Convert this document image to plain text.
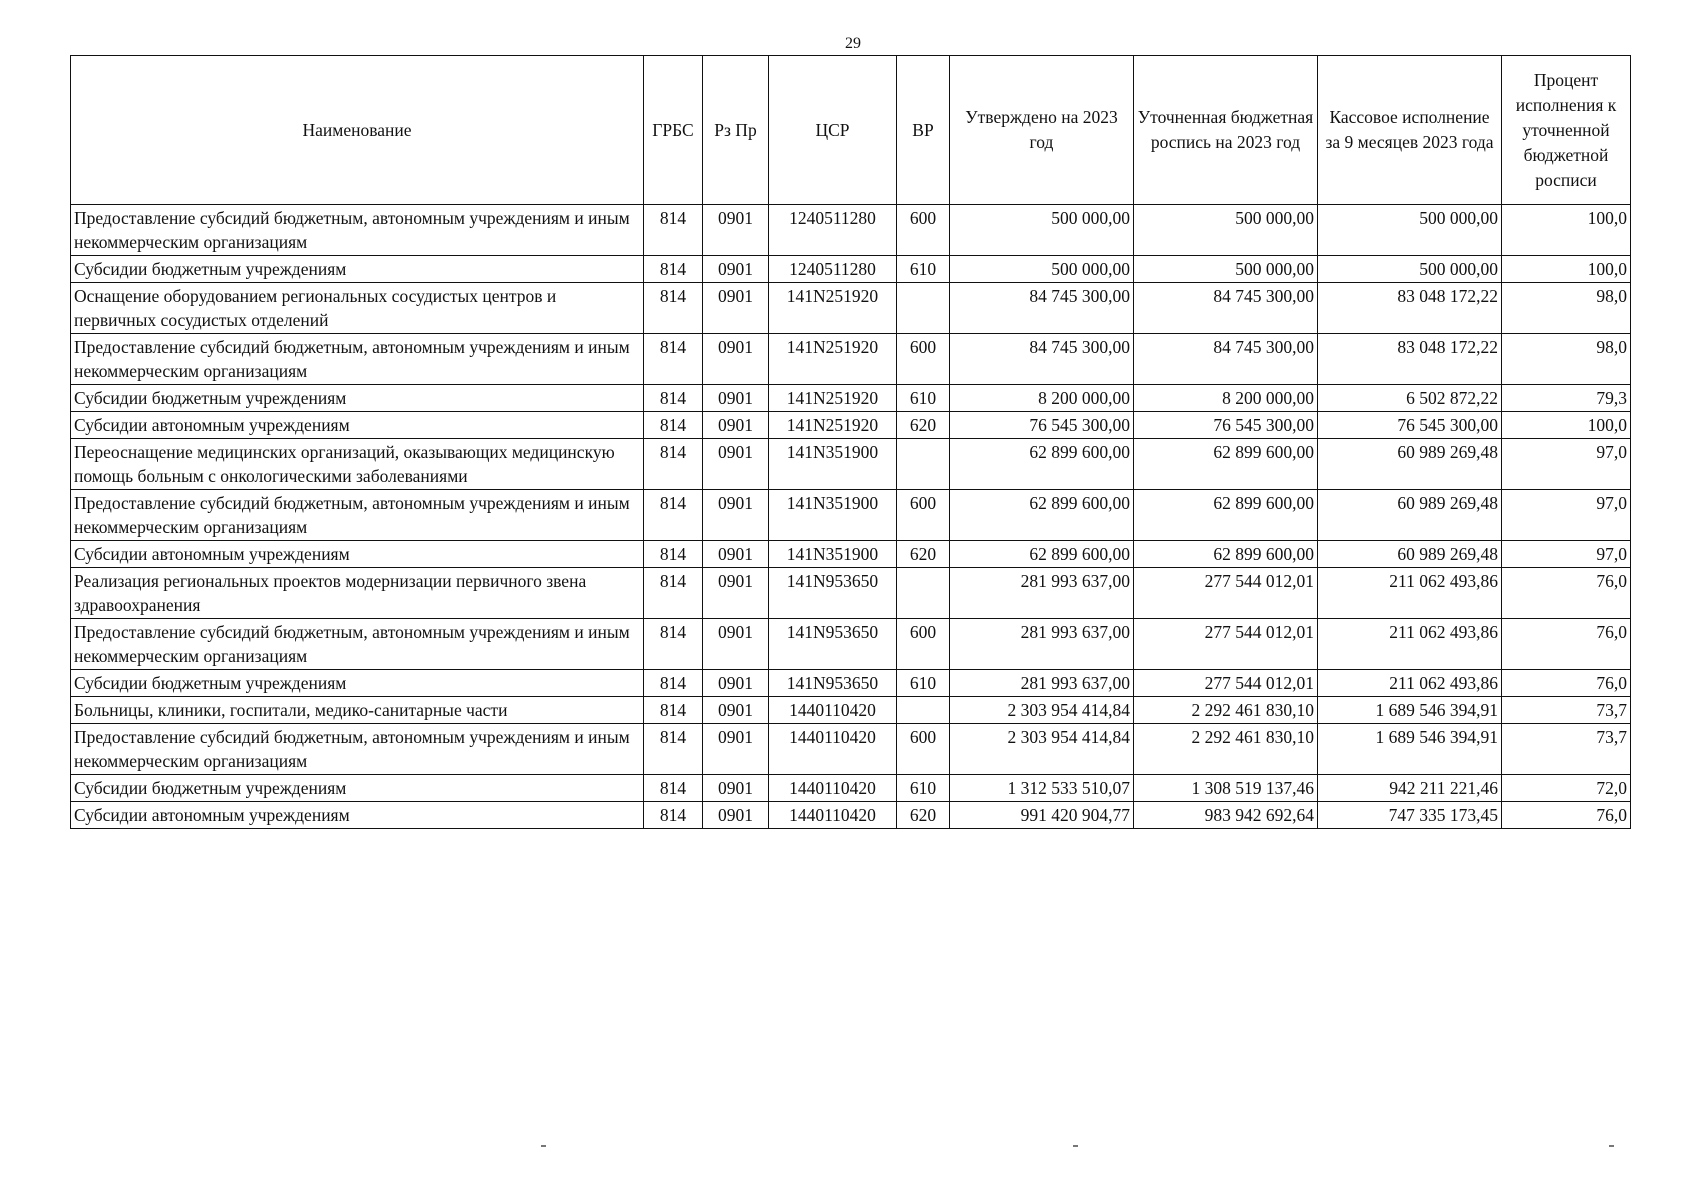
29
Наименование	ГРБС	Рз Пр	ЦСР	ВР	Утверждено на 2023 год	Уточненная бюджетная роспись на 2023 год	Кассовое исполнение за 9 месяцев 2023 года	Процент исполнения к уточненной бюджетной росписи
Предоставление субсидий бюджетным, автономным учреждениям и иным некоммерческим организациям	814	0901	1240511280	600	500 000,00	500 000,00	500 000,00	100,0
Субсидии бюджетным учреждениям	814	0901	1240511280	610	500 000,00	500 000,00	500 000,00	100,0
Оснащение оборудованием региональных сосудистых центров и первичных сосудистых отделений	814	0901	141N251920		84 745 300,00	84 745 300,00	83 048 172,22	98,0
Предоставление субсидий бюджетным, автономным учреждениям и иным некоммерческим организациям	814	0901	141N251920	600	84 745 300,00	84 745 300,00	83 048 172,22	98,0
Субсидии бюджетным учреждениям	814	0901	141N251920	610	8 200 000,00	8 200 000,00	6 502 872,22	79,3
Субсидии автономным учреждениям	814	0901	141N251920	620	76 545 300,00	76 545 300,00	76 545 300,00	100,0
Переоснащение медицинских организаций, оказывающих медицинскую помощь больным с онкологическими заболеваниями	814	0901	141N351900		62 899 600,00	62 899 600,00	60 989 269,48	97,0
Предоставление субсидий бюджетным, автономным учреждениям и иным некоммерческим организациям	814	0901	141N351900	600	62 899 600,00	62 899 600,00	60 989 269,48	97,0
Субсидии автономным учреждениям	814	0901	141N351900	620	62 899 600,00	62 899 600,00	60 989 269,48	97,0
Реализация региональных проектов модернизации первичного звена здравоохранения	814	0901	141N953650		281 993 637,00	277 544 012,01	211 062 493,86	76,0
Предоставление субсидий бюджетным, автономным учреждениям и иным некоммерческим организациям	814	0901	141N953650	600	281 993 637,00	277 544 012,01	211 062 493,86	76,0
Субсидии бюджетным учреждениям	814	0901	141N953650	610	281 993 637,00	277 544 012,01	211 062 493,86	76,0
Больницы, клиники, госпитали, медико-санитарные части	814	0901	1440110420		2 303 954 414,84	2 292 461 830,10	1 689 546 394,91	73,7
Предоставление субсидий бюджетным, автономным учреждениям и иным некоммерческим организациям	814	0901	1440110420	600	2 303 954 414,84	2 292 461 830,10	1 689 546 394,91	73,7
Субсидии бюджетным учреждениям	814	0901	1440110420	610	1 312 533 510,07	1 308 519 137,46	942 211 221,46	72,0
Субсидии автономным учреждениям	814	0901	1440110420	620	991 420 904,77	983 942 692,64	747 335 173,45	76,0
